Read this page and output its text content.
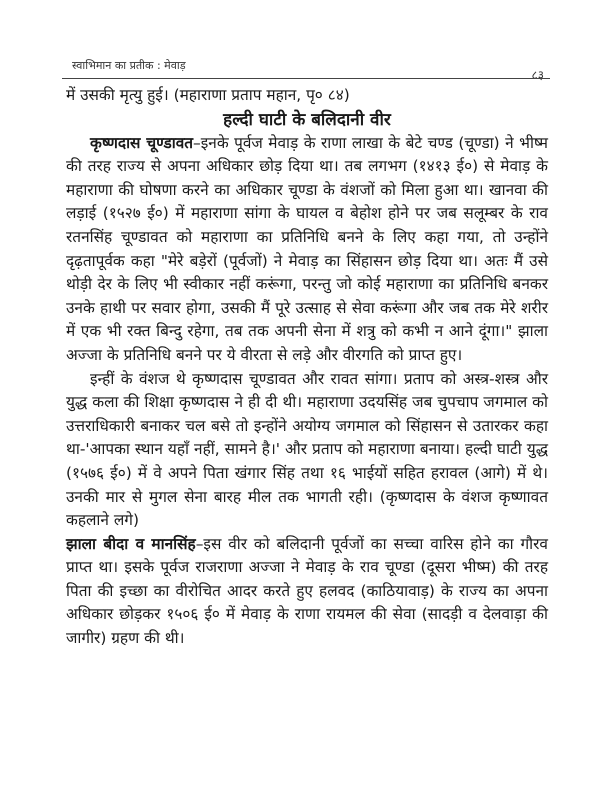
स्वाभिमान का प्रतीक : मेवाड़
८३

में उसकी मृत्यु हुई। (महाराणा प्रताप महान, पृ० ८४)

हल्दी घाटी के बलिदानी वीर

कृष्णदास चूण्डावत–इनके पूर्वज मेवाड़ के राणा लाखा के बेटे चण्ड (चूण्डा) ने भीष्म की तरह राज्य से अपना अधिकार छोड़ दिया था। तब लगभग (१४१३ ई०) से मेवाड़ के महाराणा की घोषणा करने का अधिकार चूण्डा के वंशजों को मिला हुआ था। खानवा की लड़ाई (१५२७ ई०) में महाराणा सांगा के घायल व बेहोश होने पर जब सलूम्बर के राव रतनसिंह चूण्डावत को महाराणा का प्रतिनिधि बनने के लिए कहा गया, तो उन्होंने दृढ़तापूर्वक कहा "मेरे बड़ेरों (पूर्वजों) ने मेवाड़ का सिंहासन छोड़ दिया था। अतः मैं उसे थोड़ी देर के लिए भी स्वीकार नहीं करूंगा, परन्तु जो कोई महाराणा का प्रतिनिधि बनकर उनके हाथी पर सवार होगा, उसकी मैं पूरे उत्साह से सेवा करूंगा और जब तक मेरे शरीर में एक भी रक्त बिन्दु रहेगा, तब तक अपनी सेना में शत्रु को कभी न आने दूंगा।" झाला अज्जा के प्रतिनिधि बनने पर ये वीरता से लड़े और वीरगति को प्राप्त हुए।

इन्हीं के वंशज थे कृष्णदास चूण्डावत और रावत सांगा। प्रताप को अस्त्र-शस्त्र और युद्ध कला की शिक्षा कृष्णदास ने ही दी थी। महाराणा उदयसिंह जब चुपचाप जगमाल को उत्तराधिकारी बनाकर चल बसे तो इन्होंने अयोग्य जगमाल को सिंहासन से उतारकर कहा था-'आपका स्थान यहाँ नहीं, सामने है।' और प्रताप को महाराणा बनाया। हल्दी घाटी युद्ध (१५७६ ई०) में वे अपने पिता खंगार सिंह तथा १६ भाईयों सहित हरावल (आगे) में थे। उनकी मार से मुगल सेना बारह मील तक भागती रही। (कृष्णदास के वंशज कृष्णावत कहलाने लगे)

झाला बीदा व मानसिंह–इस वीर को बलिदानी पूर्वजों का सच्चा वारिस होने का गौरव प्राप्त था। इसके पूर्वज राजराणा अज्जा ने मेवाड़ के राव चूण्डा (दूसरा भीष्म) की तरह पिता की इच्छा का वीरोचित आदर करते हुए हलवद (काठियावाड़) के राज्य का अपना अधिकार छोड़कर १५०६ ई० में मेवाड़ के राणा रायमल की सेवा (सादड़ी व देलवाड़ा की जागीर) ग्रहण की थी।
